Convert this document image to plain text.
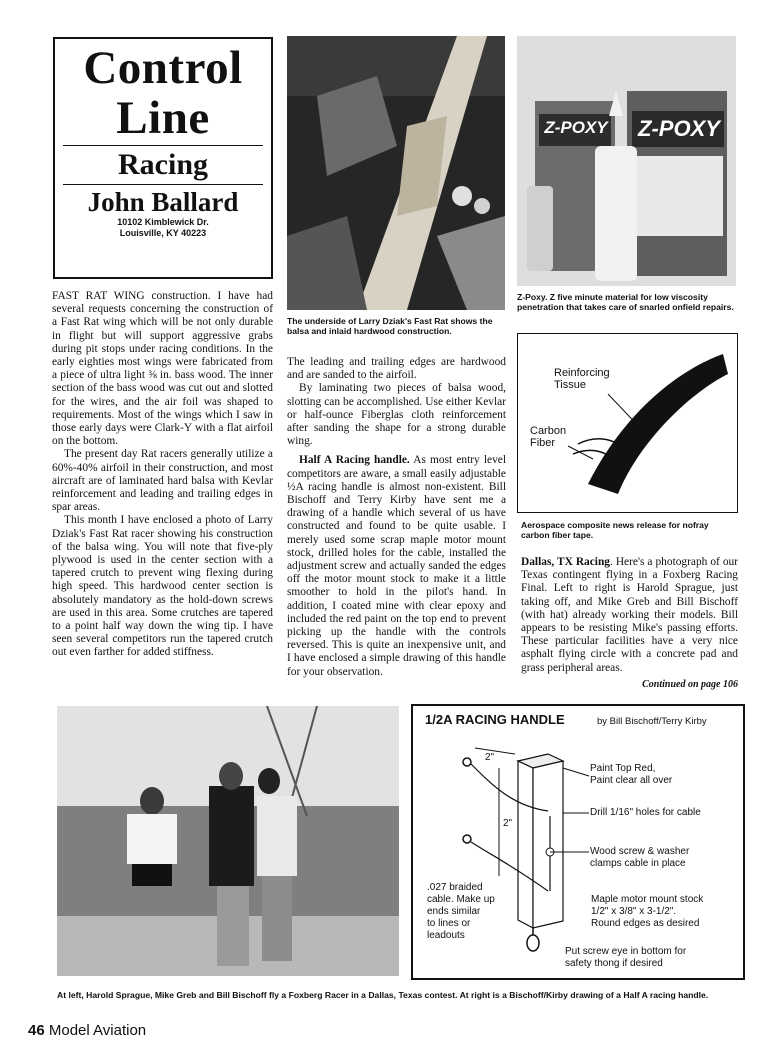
Control
Line
Racing
John Ballard
10102 Kimblewick Dr.
Louisville, KY 40223

FAST RAT WING construction. I have had several requests concerning the construction of a Fast Rat wing which will be not only durable in flight but will support aggressive grabs during pit stops under racing conditions. In the early eighties most wings were fabricated from a piece of ultra light ⅜ in. bass wood. The inner section of the bass wood was cut out and slotted for the wires, and the air foil was shaped to requirements. Most of the wings which I saw in those early days were Clark-Y with a flat airfoil on the bottom.

The present day Rat racers generally utilize a 60%-40% airfoil in their construction, and most aircraft are of laminated hard balsa with Kevlar reinforcement and leading and trailing edges in spar areas.

This month I have enclosed a photo of Larry Dziak's Fast Rat racer showing his construction of the balsa wing. You will note that five-ply plywood is used in the center section with a tapered crutch to prevent wing flexing during high speed. This hardwood center section is absolutely mandatory as the hold-down screws are used in this area. Some crutches are tapered to a point half way down the wing tip. I have seen several competitors run the tapered crutch out even farther for added stiffness.

The underside of Larry Dziak's Fast Rat shows the balsa and inlaid hardwood construction.

The leading and trailing edges are hardwood and are sanded to the airfoil.

By laminating two pieces of balsa wood, slotting can be accomplished. Use either Kevlar or half-ounce Fiberglas cloth reinforcement after sanding the shape for a strong durable wing.

Half A Racing handle. As most entry level competitors are aware, a small easily adjustable ½A racing handle is almost non-existent. Bill Bischoff and Terry Kirby have sent me a drawing of a handle which several of us have constructed and found to be quite usable. I merely used some scrap maple motor mount stock, drilled holes for the cable, installed the adjustment screw and actually sanded the edges off the motor mount stock to make it a little smoother to hold in the pilot's hand. In addition, I coated mine with clear epoxy and included the red paint on the top end to prevent picking up the handle with the controls reversed. This is quite an inexpensive unit, and I have enclosed a simple drawing of this handle for your observation.

Z-POXY Z-POXY
Z-Poxy. Z five minute material for low viscosity penetration that takes care of snarled onfield repairs.
Reinforcing Tissue
Carbon Fiber
Aerospace composite news release for nofray carbon fiber tape.

Dallas, TX Racing. Here's a photograph of our Texas contingent flying in a Foxberg Racing Final. Left to right is Harold Sprague, just taking off, and Mike Greb and Bill Bischoff (with hat) already working their models. Bill appears to be resisting Mike's passing efforts. These particular facilities have a very nice asphalt flying circle with a concrete pad and grass peripheral areas.

Continued on page 106
1/2A RACING HANDLE	by Bill Bischoff/Terry Kirby
2"
2"
Paint Top Red,
Paint clear all over
Drill 1/16" holes for cable
Wood screw & washer
clamps cable in place
.027 braided
cable. Make up
ends similar
to lines or
leadouts
Maple motor mount stock
1/2" x 3/8" x 3-1/2".
Round edges as desired
Put screw eye in bottom for
safety thong if desired
At left, Harold Sprague, Mike Greb and Bill Bischoff fly a Foxberg Racer in a Dallas, Texas contest. At right is a Bischoff/Kirby drawing of a Half A racing handle.
46 Model Aviation
